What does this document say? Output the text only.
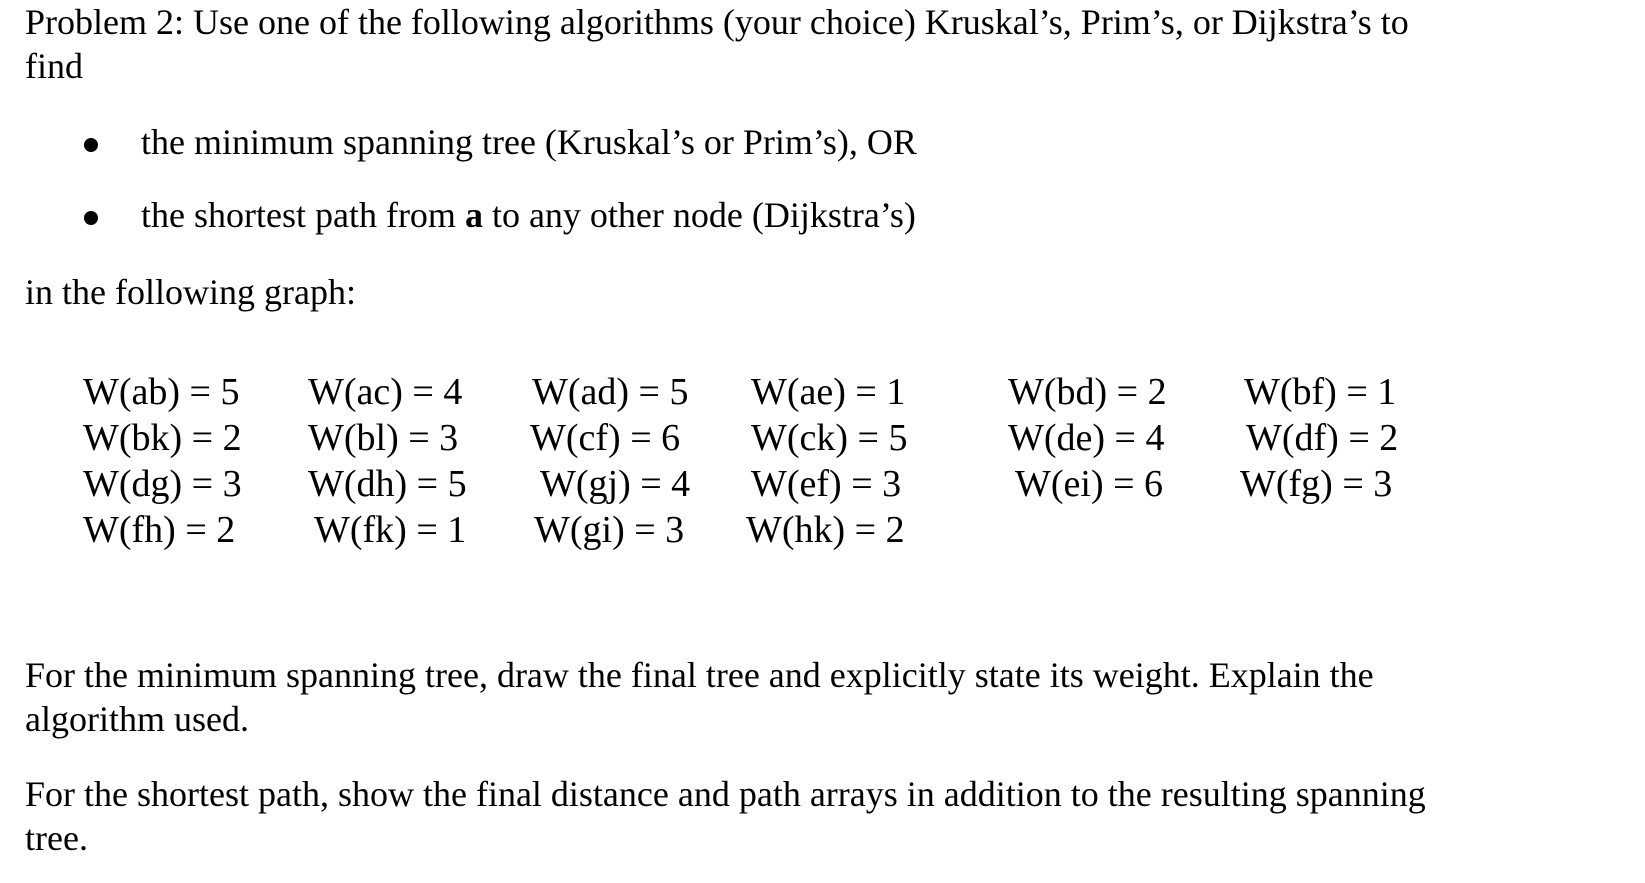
Problem 2: Use one of the following algorithms (your choice) Kruskal’s, Prim’s, or Dijkstra’s to
find
the minimum spanning tree (Kruskal’s or Prim’s), OR
the shortest path from a to any other node (Dijkstra’s)
in the following graph:
W(ab) = 5 W(ac) = 4 W(ad) = 5 W(ae) = 1	W(bd) = 2 W(bf) = 1
W(bk) = 2 W(bl) = 3 W(cf) = 6 W(ck) = 5	W(de) = 4 W(df) = 2
W(dg) = 3 W(dh) = 5 W(gj) = 4 W(ef) = 3	W(ei) = 6 W(fg) = 3
W(fh) = 2 W(fk) = 1 W(gi) = 3 W(hk) = 2
For the minimum spanning tree, draw the final tree and explicitly state its weight. Explain the
algorithm used.
For the shortest path, show the final distance and path arrays in addition to the resulting spanning
tree.
